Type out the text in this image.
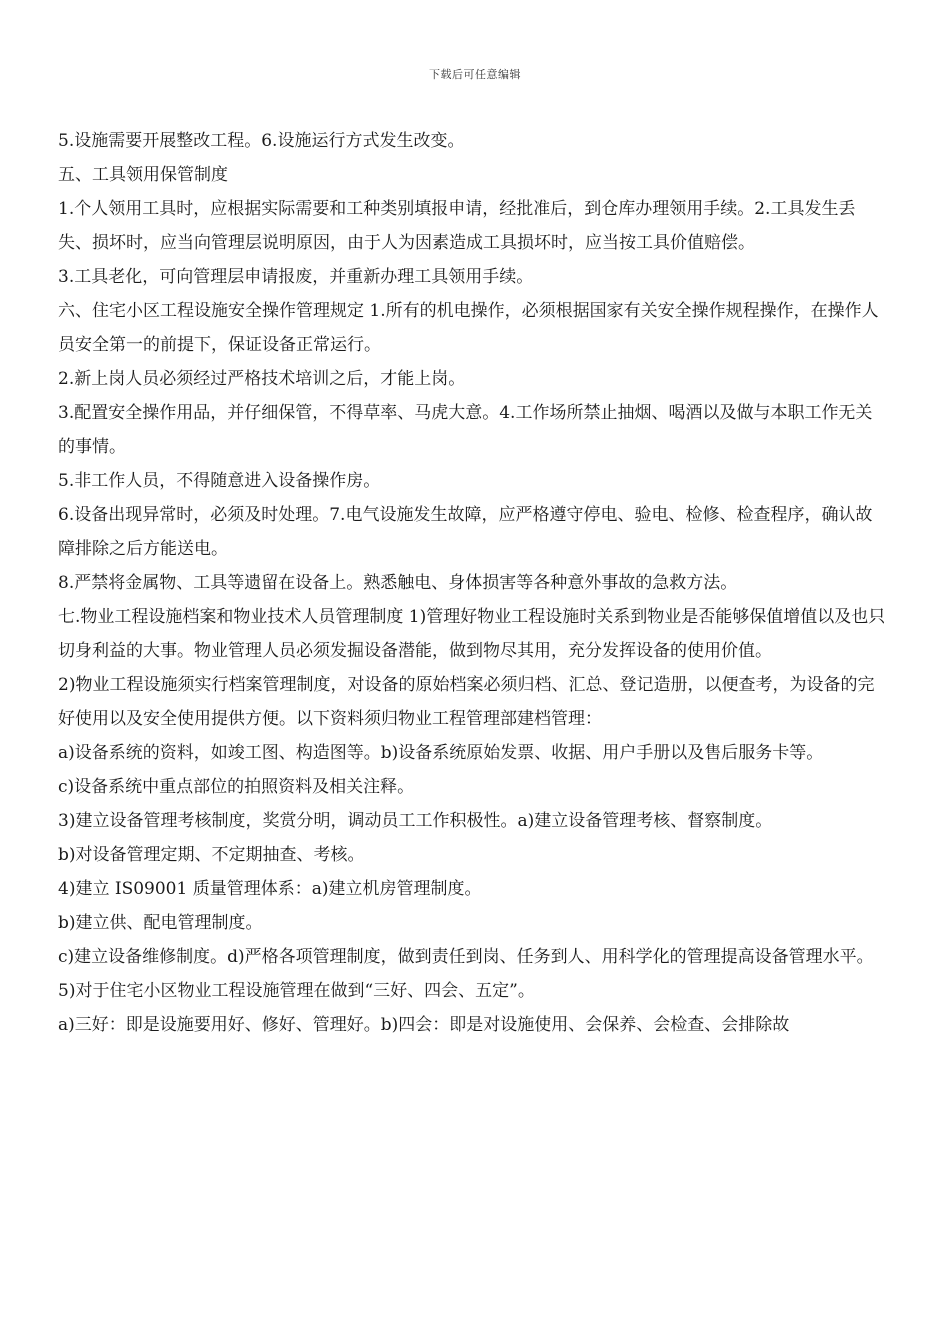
下载后可任意编辑

5.设施需要开展整改工程。6.设施运行方式发生改变。

五、工具领用保管制度

1.个人领用工具时，应根据实际需要和工种类别填报申请，经批准后，到仓库办理领用手续。2.工具发生丢失、损坏时，应当向管理层说明原因，由于人为因素造成工具损坏时，应当按工具价值赔偿。

3.工具老化，可向管理层申请报废，并重新办理工具领用手续。

六、住宅小区工程设施安全操作管理规定 1.所有的机电操作，必须根据国家有关安全操作规程操作，在操作人员安全第一的前提下，保证设备正常运行。

2.新上岗人员必须经过严格技术培训之后，才能上岗。

3.配置安全操作用品，并仔细保管，不得草率、马虎大意。4.工作场所禁止抽烟、喝酒以及做与本职工作无关的事情。

5.非工作人员，不得随意进入设备操作房。

6.设备出现异常时，必须及时处理。7.电气设施发生故障，应严格遵守停电、验电、检修、检查程序，确认故障排除之后方能送电。

8.严禁将金属物、工具等遗留在设备上。熟悉触电、身体损害等各种意外事故的急救方法。

七.物业工程设施档案和物业技术人员管理制度 1)管理好物业工程设施时关系到物业是否能够保值增值以及也只切身利益的大事。物业管理人员必须发掘设备潜能，做到物尽其用，充分发挥设备的使用价值。

2)物业工程设施须实行档案管理制度，对设备的原始档案必须归档、汇总、登记造册，以便查考，为设备的完好使用以及安全使用提供方便。以下资料须归物业工程管理部建档管理：

a)设备系统的资料，如竣工图、构造图等。b)设备系统原始发票、收据、用户手册以及售后服务卡等。

c)设备系统中重点部位的拍照资料及相关注释。

3)建立设备管理考核制度，奖赏分明，调动员工工作积极性。a)建立设备管理考核、督察制度。

b)对设备管理定期、不定期抽查、考核。

4)建立 IS09001 质量管理体系：a)建立机房管理制度。

b)建立供、配电管理制度。

c)建立设备维修制度。d)严格各项管理制度，做到责任到岗、任务到人、用科学化的管理提高设备管理水平。

5)对于住宅小区物业工程设施管理在做到“三好、四会、五定”。

a)三好：即是设施要用好、修好、管理好。b)四会：即是对设施使用、会保养、会检查、会排除故
